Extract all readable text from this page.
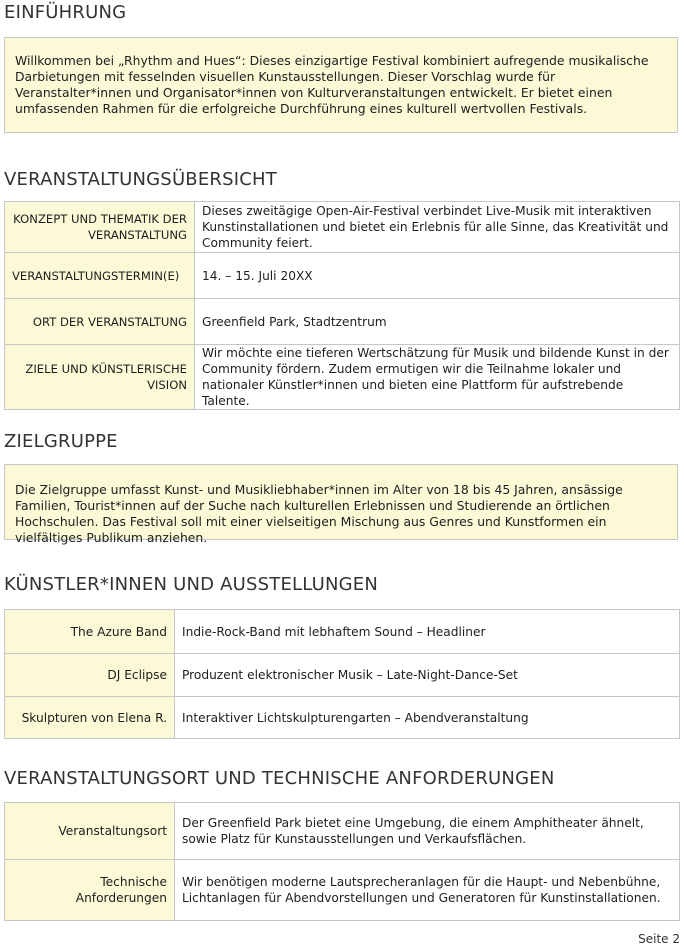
EINFÜHRUNG
Willkommen bei „Rhythm and Hues“: Dieses einzigartige Festival kombiniert aufregende musikalische Darbietungen mit fesselnden visuellen Kunstausstellungen. Dieser Vorschlag wurde für Veranstalter*innen und Organisator*innen von Kulturveranstaltungen entwickelt. Er bietet einen umfassenden Rahmen für die erfolgreiche Durchführung eines kulturell wertvollen Festivals.
VERANSTALTUNGSÜBERSICHT
KONZEPT UND THEMATIK DER VERANSTALTUNG	Dieses zweitägige Open-Air-Festival verbindet Live-Musik mit interaktiven Kunstinstallationen und bietet ein Erlebnis für alle Sinne, das Kreativität und Community feiert.
VERANSTALTUNGSTERMIN(E)	14. – 15. Juli 20XX
ORT DER VERANSTALTUNG	Greenfield Park, Stadtzentrum
ZIELE UND KÜNSTLERISCHE VISION	Wir möchte eine tieferen Wertschätzung für Musik und bildende Kunst in der Community fördern. Zudem ermutigen wir die Teilnahme lokaler und nationaler Künstler*innen und bieten eine Plattform für aufstrebende Talente.
ZIELGRUPPE
Die Zielgruppe umfasst Kunst- und Musikliebhaber*innen im Alter von 18 bis 45 Jahren, ansässige Familien, Tourist*innen auf der Suche nach kulturellen Erlebnissen und Studierende an örtlichen Hochschulen. Das Festival soll mit einer vielseitigen Mischung aus Genres und Kunstformen ein vielfältiges Publikum anziehen.
KÜNSTLER*INNEN UND AUSSTELLUNGEN
The Azure Band	Indie-Rock-Band mit lebhaftem Sound – Headliner
DJ Eclipse	Produzent elektronischer Musik – Late-Night-Dance-Set
Skulpturen von Elena R.	Interaktiver Lichtskulpturengarten – Abendveranstaltung
VERANSTALTUNGSORT UND TECHNISCHE ANFORDERUNGEN
Veranstaltungsort	Der Greenfield Park bietet eine Umgebung, die einem Amphitheater ähnelt, sowie Platz für Kunstausstellungen und Verkaufsflächen.
Technische Anforderungen	Wir benötigen moderne Lautsprecheranlagen für die Haupt- und Nebenbühne, Lichtanlagen für Abendvorstellungen und Generatoren für Kunstinstallationen.
Seite 2
